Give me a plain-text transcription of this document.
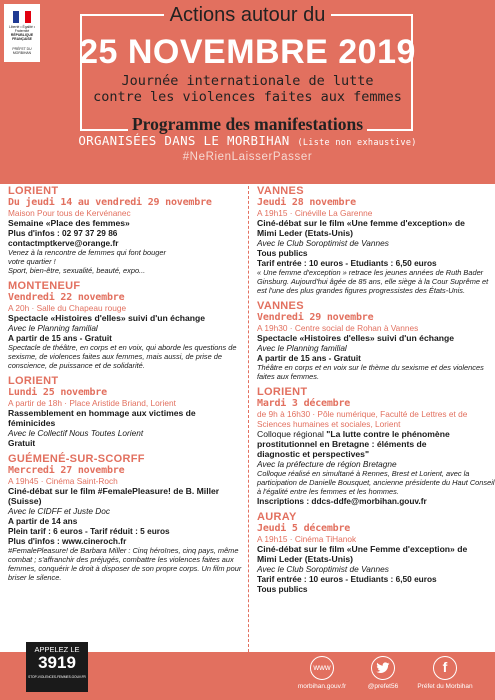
Liberté • Égalité • Fraternité
RÉPUBLIQUE FRANÇAISE
PRÉFET DU MORBIHAN
Actions autour du
25 NOVEMBRE 2019
Journée internationale de lutte
contre les violences faites aux femmes
Programme des manifestations
ORGANISÉES DANS LE MORBIHAN (Liste non exhaustive)
#NeRienLaisserPasser
LORIENT
Du jeudi 14 au vendredi 29 novembre
Maison Pour tous de Kervénanec
Semaine «Place des femmes»
Plus d'infos : 02 97 37 29 86
contactmptkerve@orange.fr
Venez à la rencontre de femmes qui font bouger
votre quartier !
Sport, bien-être, sexualité, beauté, expo...
MONTENEUF
Vendredi 22 novembre
A 20h · Salle du Chapeau rouge
Spectacle «Histoires d'elles» suivi d'un échange
Avec le Planning familial
A partir de 15 ans - Gratuit
Spectacle de théâtre, en corps et en voix, qui aborde les questions de sexisme, de violences faites aux femmes, mais aussi, de prise de conscience, de puissance et de solidarité.
LORIENT
Lundi 25 novembre
A partir de 18h · Place Aristide Briand, Lorient
Rassemblement en hommage aux victimes de
féminicides
Avec le Collectif Nous Toutes Lorient
Gratuit
GUÉMENÉ-SUR-SCORFF
Mercredi 27 novembre
A 19h45 · Cinéma Saint-Roch
Ciné-débat sur le film #FemalePleasure! de B. Miller
(Suisse)
Avec le CIDFF et Juste Doc
A partir de 14 ans
Plein tarif : 6 euros - Tarif réduit : 5 euros
Plus d'infos : www.cineroch.fr
#FemalePleasure! de Barbara Miller : Cinq héroïnes, cinq pays, même combat ; s'affranchir des préjugés, combattre les violences faites aux femmes, conquérir le droit à disposer de son propre corps. Un film pour briser le silence.
VANNES
Jeudi 28 novembre
A 19h15 · Cinéville La Garenne
Ciné-débat sur le film «Une femme d'exception» de
Mimi Leder (Etats-Unis)
Avec le Club Soroptimist de Vannes
Tous publics
Tarif entrée : 10 euros - Etudiants : 6,50 euros
« Une femme d'exception » retrace les jeunes années de Ruth Bader Ginsburg. Aujourd'hui âgée de 85 ans, elle siège à la Cour Suprême et est l'une des plus grandes figures progressistes des États-Unis.
VANNES
Vendredi 29 novembre
A 19h30 · Centre social de Rohan à Vannes
Spectacle «Histoires d'elles» suivi d'un échange
Avec le Planning familial
A partir de 15 ans - Gratuit
Théâtre en corps et en voix sur le thème du sexisme et des violences faites aux femmes.
LORIENT
Mardi 3 décembre
de 9h à 16h30 · Pôle numérique, Faculté de Lettres et de Sciences humaines et sociales, Lorient
Colloque régional "La lutte contre le phénomène
prostitutionnel en Bretagne : éléments de
diagnostic et perspectives"
Avec la préfecture de région Bretagne
Colloque réalisé en simultané à Rennes, Brest et Lorient, avec la participation de Danielle Bousquet, ancienne présidente du Haut Conseil à l'égalité entre les femmes et les hommes.
Inscriptions : ddcs-ddfe@morbihan.gouv.fr
AURAY
Jeudi 5 décembre
A 19h15 · Cinéma TiHanok
Ciné-débat sur le film «Une Femme d'exception» de
Mimi Leder (Etats-Unis)
Avec le Club Soroptimist de Vannes
Tarif entrée : 10 euros - Etudiants : 6,50 euros
Tous publics
APPELEZ LE
3919
STOP-VIOLENCES-FEMMES.GOUV.FR
www
morbihan.gouv.fr	@prefet56
f
Préfet du Morbihan
